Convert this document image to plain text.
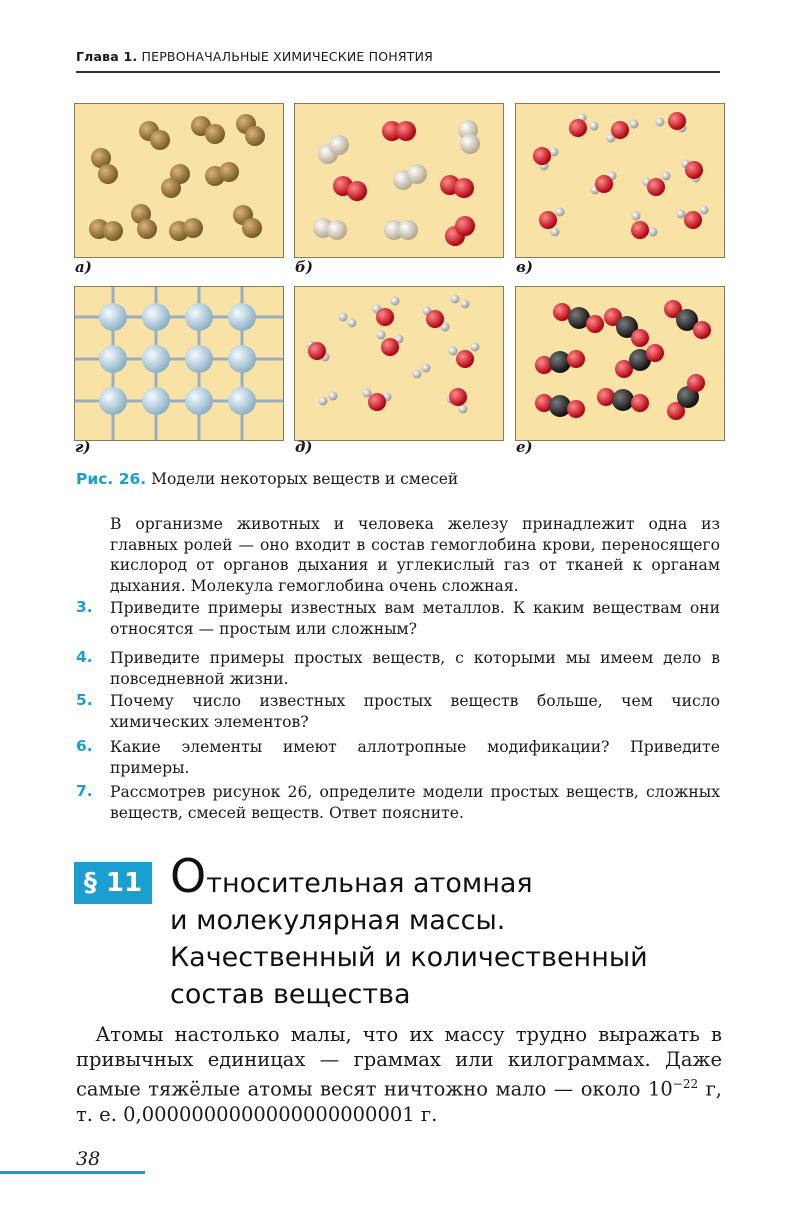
Глава 1. ПЕРВОНАЧАЛЬНЫЕ ХИМИЧЕСКИЕ ПОНЯТИЯ
а)	б)	в)
г)	д)	е)
Рис. 26. Модели некоторых веществ и смесей
В организме животных и человека железу принадлежит одна из главных ролей — оно входит в состав гемоглобина крови, переносящего кислород от органов дыхания и углекислый газ от тканей к органам дыхания. Молекула гемоглобина очень сложная.
3. Приведите примеры известных вам металлов. К каким веществам они относятся — простым или сложным?
4. Приведите примеры простых веществ, с которыми мы имеем дело в повседневной жизни.
5. Почему число известных простых веществ больше, чем число химических элементов?
6. Какие элементы имеют аллотропные модификации? Приведите примеры.
7. Рассмотрев рисунок 26, определите модели простых веществ, сложных веществ, смесей веществ. Ответ поясните.
§ 11 Относительная атомная
и молекулярная массы.
Качественный и количественный
состав вещества
 Атомы настолько малы, что их массу трудно выражать в привычных единицах — граммах или килограммах. Даже самые тяжёлые атомы весят ничтожно мало — около $10^{-22}$ г, т. е. 0,0000000000000000000001 г.
38
